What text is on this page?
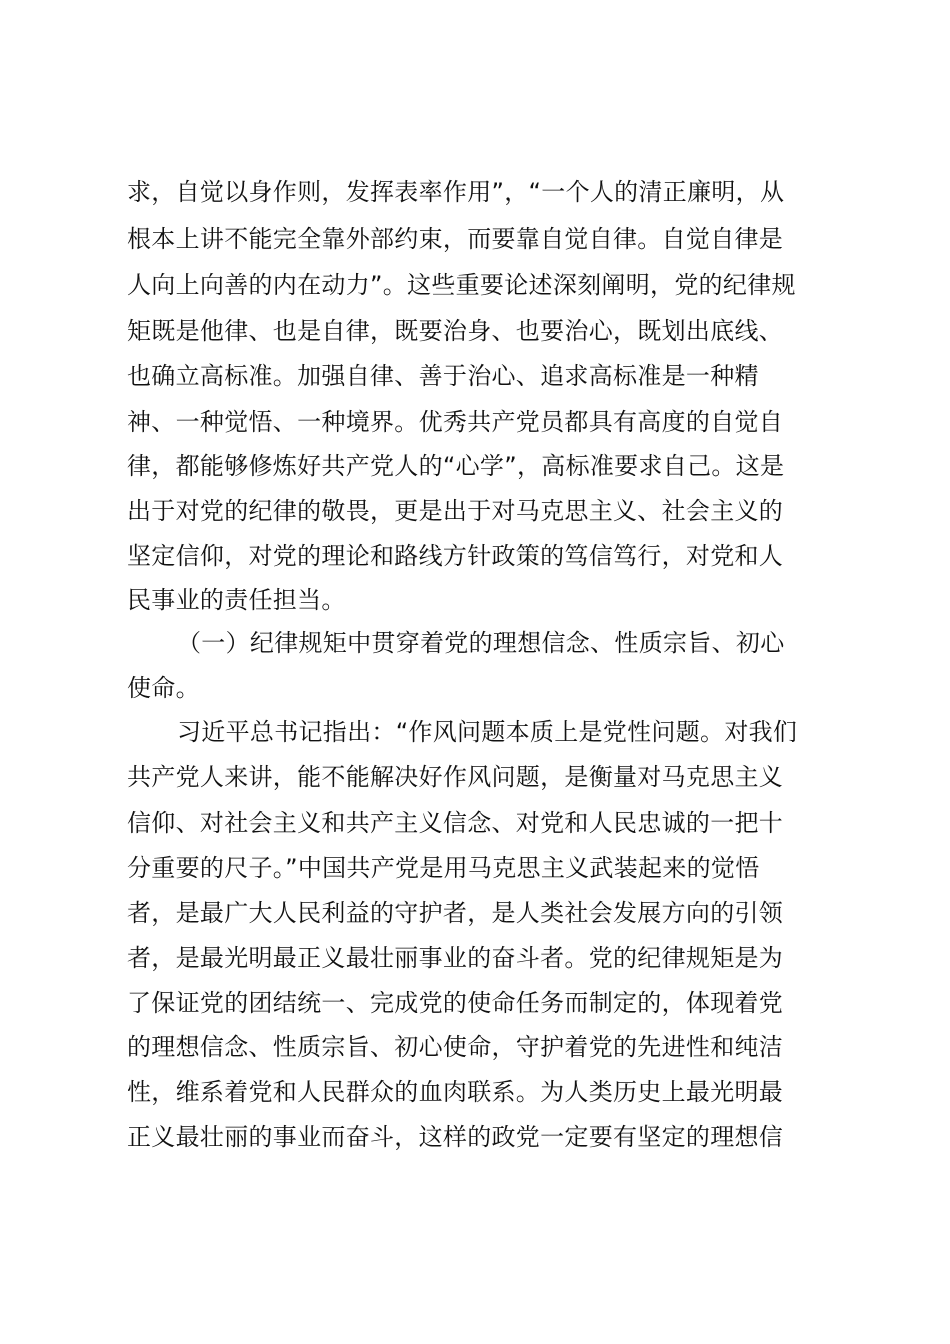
求，自觉以身作则，发挥表率作用”，“一个人的清正廉明，从
根本上讲不能完全靠外部约束，而要靠自觉自律。自觉自律是
人向上向善的内在动力”。这些重要论述深刻阐明，党的纪律规
矩既是他律、也是自律，既要治身、也要治心，既划出底线、
也确立高标准。加强自律、善于治心、追求高标准是一种精
神、一种觉悟、一种境界。优秀共产党员都具有高度的自觉自
律，都能够修炼好共产党人的“心学”，高标准要求自己。这是
出于对党的纪律的敬畏，更是出于对马克思主义、社会主义的
坚定信仰，对党的理论和路线方针政策的笃信笃行，对党和人
民事业的责任担当。
（一）纪律规矩中贯穿着党的理想信念、性质宗旨、初心
使命。
习近平总书记指出：“作风问题本质上是党性问题。对我们
共产党人来讲，能不能解决好作风问题，是衡量对马克思主义
信仰、对社会主义和共产主义信念、对党和人民忠诚的一把十
分重要的尺子。”中国共产党是用马克思主义武装起来的觉悟
者，是最广大人民利益的守护者，是人类社会发展方向的引领
者，是最光明最正义最壮丽事业的奋斗者。党的纪律规矩是为
了保证党的团结统一、完成党的使命任务而制定的，体现着党
的理想信念、性质宗旨、初心使命，守护着党的先进性和纯洁
性，维系着党和人民群众的血肉联系。为人类历史上最光明最
正义最壮丽的事业而奋斗，这样的政党一定要有坚定的理想信
